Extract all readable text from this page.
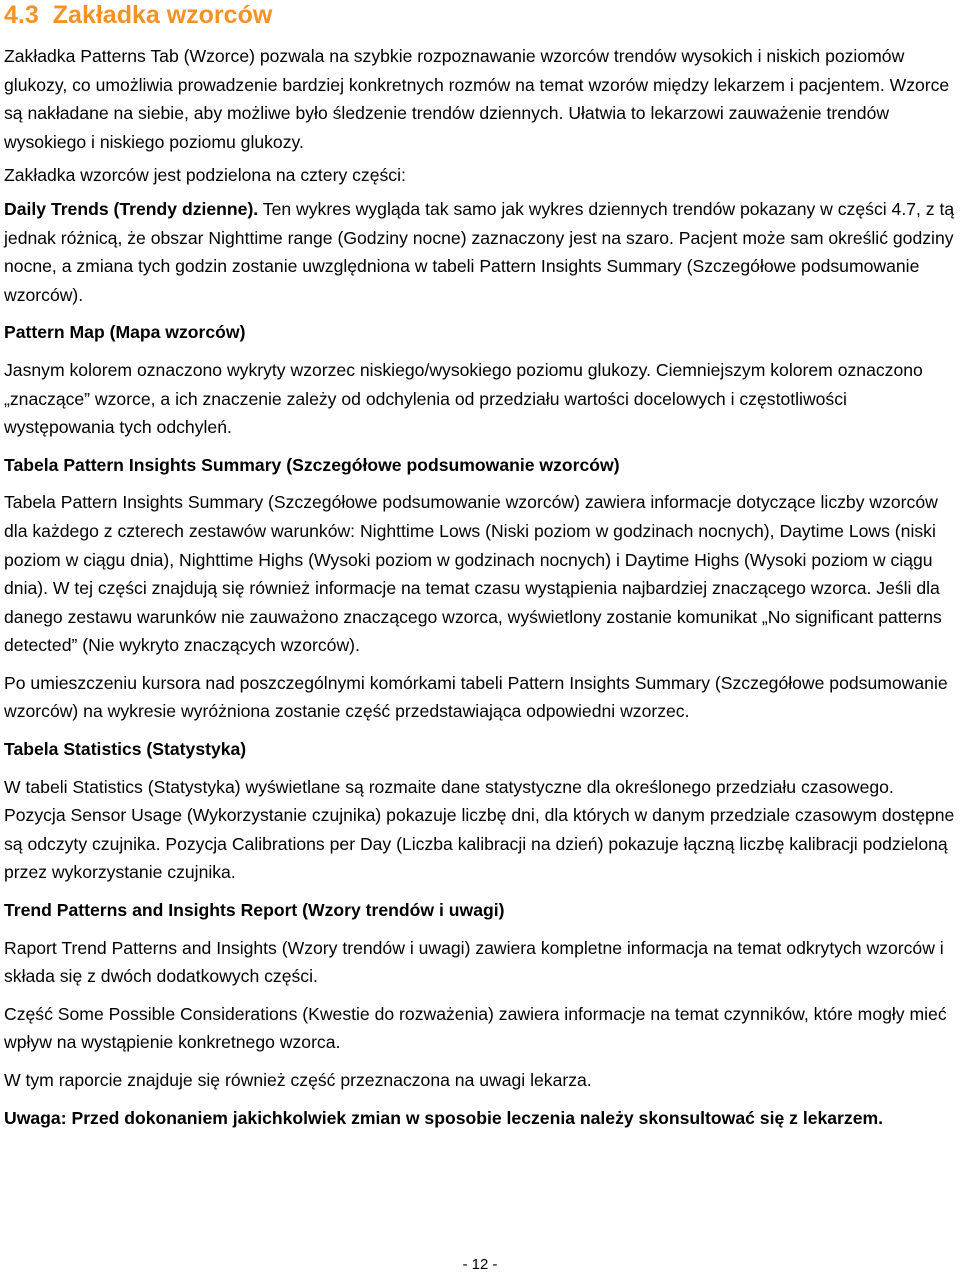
4.3 Zakładka wzorców

Zakładka Patterns Tab (Wzorce) pozwala na szybkie rozpoznawanie wzorców trendów wysokich i niskich poziomów glukozy, co umożliwia prowadzenie bardziej konkretnych rozmów na temat wzorów między lekarzem i pacjentem. Wzorce są nakładane na siebie, aby możliwe było śledzenie trendów dziennych. Ułatwia to lekarzowi zauważenie trendów wysokiego i niskiego poziomu glukozy.

Zakładka wzorców jest podzielona na cztery części:

Daily Trends (Trendy dzienne). Ten wykres wygląda tak samo jak wykres dziennych trendów pokazany w części 4.7, z tą jednak różnicą, że obszar Nighttime range (Godziny nocne) zaznaczony jest na szaro. Pacjent może sam określić godziny nocne, a zmiana tych godzin zostanie uwzględniona w tabeli Pattern Insights Summary (Szczegółowe podsumowanie wzorców).

Pattern Map (Mapa wzorców)

Jasnym kolorem oznaczono wykryty wzorzec niskiego/wysokiego poziomu glukozy. Ciemniejszym kolorem oznaczono „znaczące” wzorce, a ich znaczenie zależy od odchylenia od przedziału wartości docelowych i częstotliwości występowania tych odchyleń.

Tabela Pattern Insights Summary (Szczegółowe podsumowanie wzorców)

Tabela Pattern Insights Summary (Szczegółowe podsumowanie wzorców) zawiera informacje dotyczące liczby wzorców dla każdego z czterech zestawów warunków: Nighttime Lows (Niski poziom w godzinach nocnych), Daytime Lows (niski poziom w ciągu dnia), Nighttime Highs (Wysoki poziom w godzinach nocnych) i Daytime Highs (Wysoki poziom w ciągu dnia). W tej części znajdują się również informacje na temat czasu wystąpienia najbardziej znaczącego wzorca. Jeśli dla danego zestawu warunków nie zauważono znaczącego wzorca, wyświetlony zostanie komunikat „No significant patterns detected” (Nie wykryto znaczących wzorców).

Po umieszczeniu kursora nad poszczególnymi komórkami tabeli Pattern Insights Summary (Szczegółowe podsumowanie wzorców) na wykresie wyróżniona zostanie część przedstawiająca odpowiedni wzorzec.

Tabela Statistics (Statystyka)

W tabeli Statistics (Statystyka) wyświetlane są rozmaite dane statystyczne dla określonego przedziału czasowego. Pozycja Sensor Usage (Wykorzystanie czujnika) pokazuje liczbę dni, dla których w danym przedziale czasowym dostępne są odczyty czujnika. Pozycja Calibrations per Day (Liczba kalibracji na dzień) pokazuje łączną liczbę kalibracji podzieloną przez wykorzystanie czujnika.

Trend Patterns and Insights Report (Wzory trendów i uwagi)

Raport Trend Patterns and Insights (Wzory trendów i uwagi) zawiera kompletne informacja na temat odkrytych wzorców i składa się z dwóch dodatkowych części.

Część Some Possible Considerations (Kwestie do rozważenia) zawiera informacje na temat czynników, które mogły mieć wpływ na wystąpienie konkretnego wzorca.

W tym raporcie znajduje się również część przeznaczona na uwagi lekarza.

Uwaga: Przed dokonaniem jakichkolwiek zmian w sposobie leczenia należy skonsultować się z lekarzem.

- 12 -
